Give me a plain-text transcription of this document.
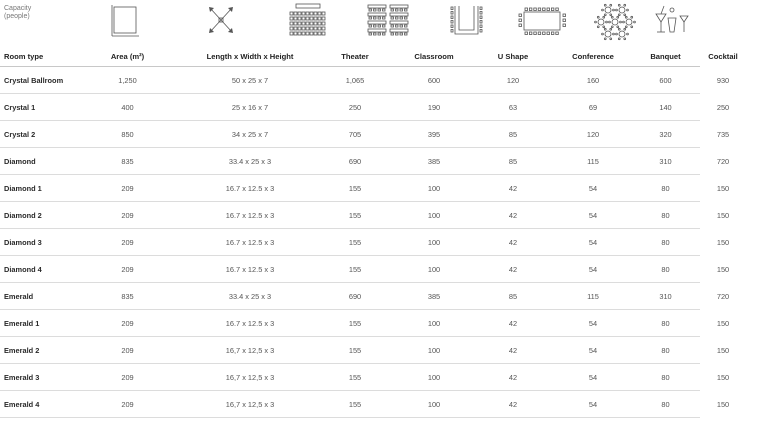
Capacity
(people)
Room type	Area (m²)	Length x Width x Height	Theater	Classroom	U Shape	Conference	Banquet	Cocktail
Crystal Ballroom	1,250	50 x 25 x 7	1,065	600	120	160	600	930
Crystal 1	400	25 x 16 x 7	250	190	63	69	140	250
Crystal 2	850	34 x 25 x 7	705	395	85	120	320	735
Diamond	835	33.4 x 25 x 3	690	385	85	115	310	720
Diamond 1	209	16.7 x 12.5 x 3	155	100	42	54	80	150
Diamond 2	209	16.7 x 12.5 x 3	155	100	42	54	80	150
Diamond 3	209	16.7 x 12.5 x 3	155	100	42	54	80	150
Diamond 4	209	16.7 x 12.5 x 3	155	100	42	54	80	150
Emerald	835	33.4 x 25 x 3	690	385	85	115	310	720
Emerald 1	209	16.7 x 12.5 x 3	155	100	42	54	80	150
Emerald 2	209	16,7 x 12,5 x 3	155	100	42	54	80	150
Emerald 3	209	16,7 x 12,5 x 3	155	100	42	54	80	150
Emerald 4	209	16,7 x 12,5 x 3	155	100	42	54	80	150
